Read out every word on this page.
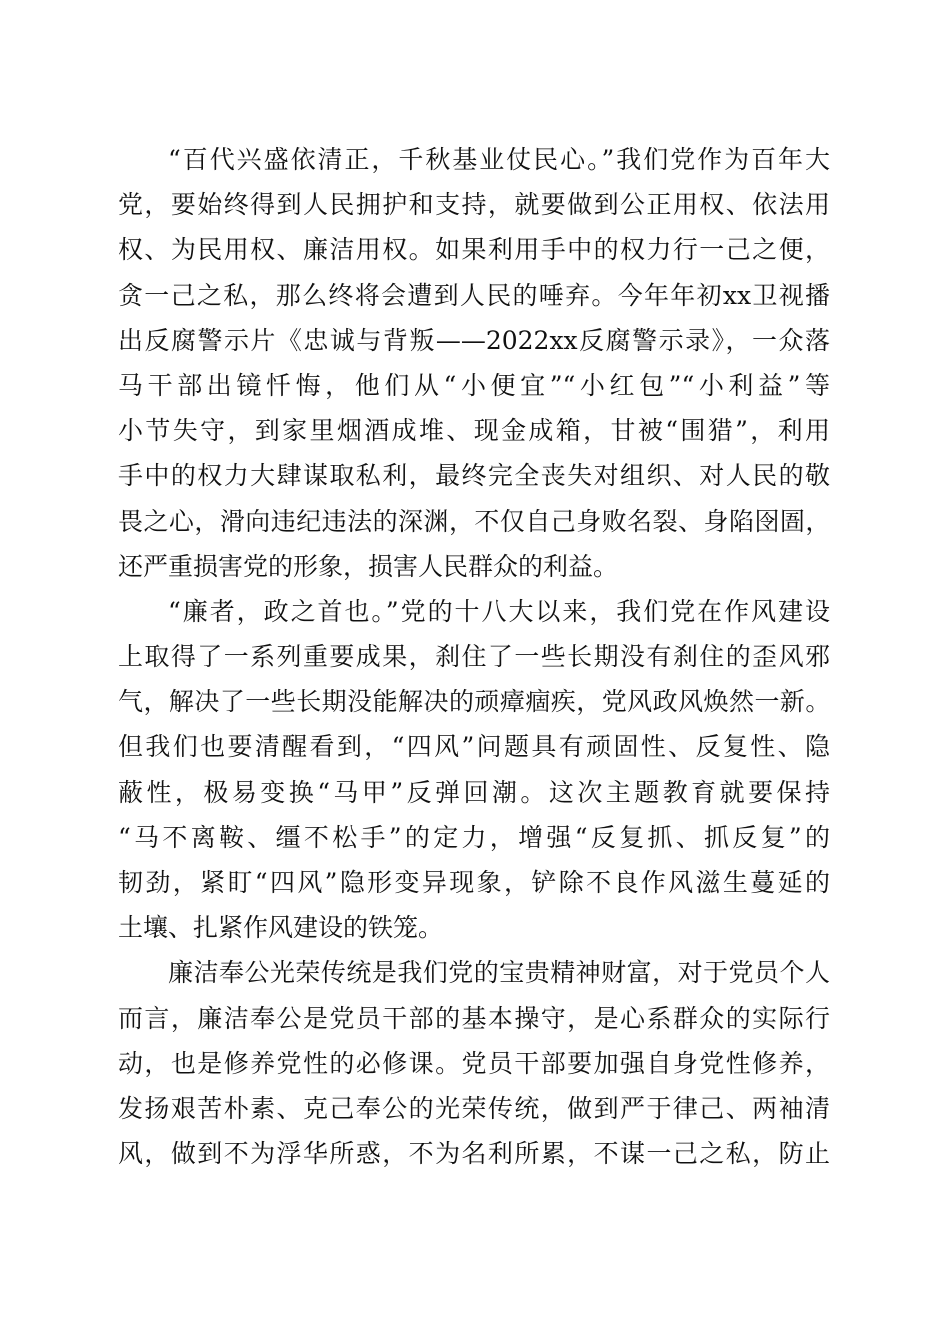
“百代兴盛依清正，千秋基业仗民心。”我们党作为百年大
党，要始终得到人民拥护和支持，就要做到公正用权、依法用
权、为民用权、廉洁用权。如果利用手中的权力行一己之便，
贪一己之私，那么终将会遭到人民的唾弃。今年年初xx卫视播
出反腐警示片《忠诚与背叛——2022xx反腐警示录》，一众落
马干部出镜忏悔，他们从“小便宜”“小红包”“小利益”等
小节失守，到家里烟酒成堆、现金成箱，甘被“围猎”，利用
手中的权力大肆谋取私利，最终完全丧失对组织、对人民的敬
畏之心，滑向违纪违法的深渊，不仅自己身败名裂、身陷囹圄，
还严重损害党的形象，损害人民群众的利益。
“廉者，政之首也。”党的十八大以来，我们党在作风建设
上取得了一系列重要成果，刹住了一些长期没有刹住的歪风邪
气，解决了一些长期没能解决的顽瘴痼疾，党风政风焕然一新。
但我们也要清醒看到，“四风”问题具有顽固性、反复性、隐
蔽性，极易变换“马甲”反弹回潮。这次主题教育就要保持
“马不离鞍、缰不松手”的定力，增强“反复抓、抓反复”的
韧劲，紧盯“四风”隐形变异现象，铲除不良作风滋生蔓延的
土壤、扎紧作风建设的铁笼。
廉洁奉公光荣传统是我们党的宝贵精神财富，对于党员个人
而言，廉洁奉公是党员干部的基本操守，是心系群众的实际行
动，也是修养党性的必修课。党员干部要加强自身党性修养，
发扬艰苦朴素、克己奉公的光荣传统，做到严于律己、两袖清
风，做到不为浮华所惑，不为名利所累，不谋一己之私，防止
